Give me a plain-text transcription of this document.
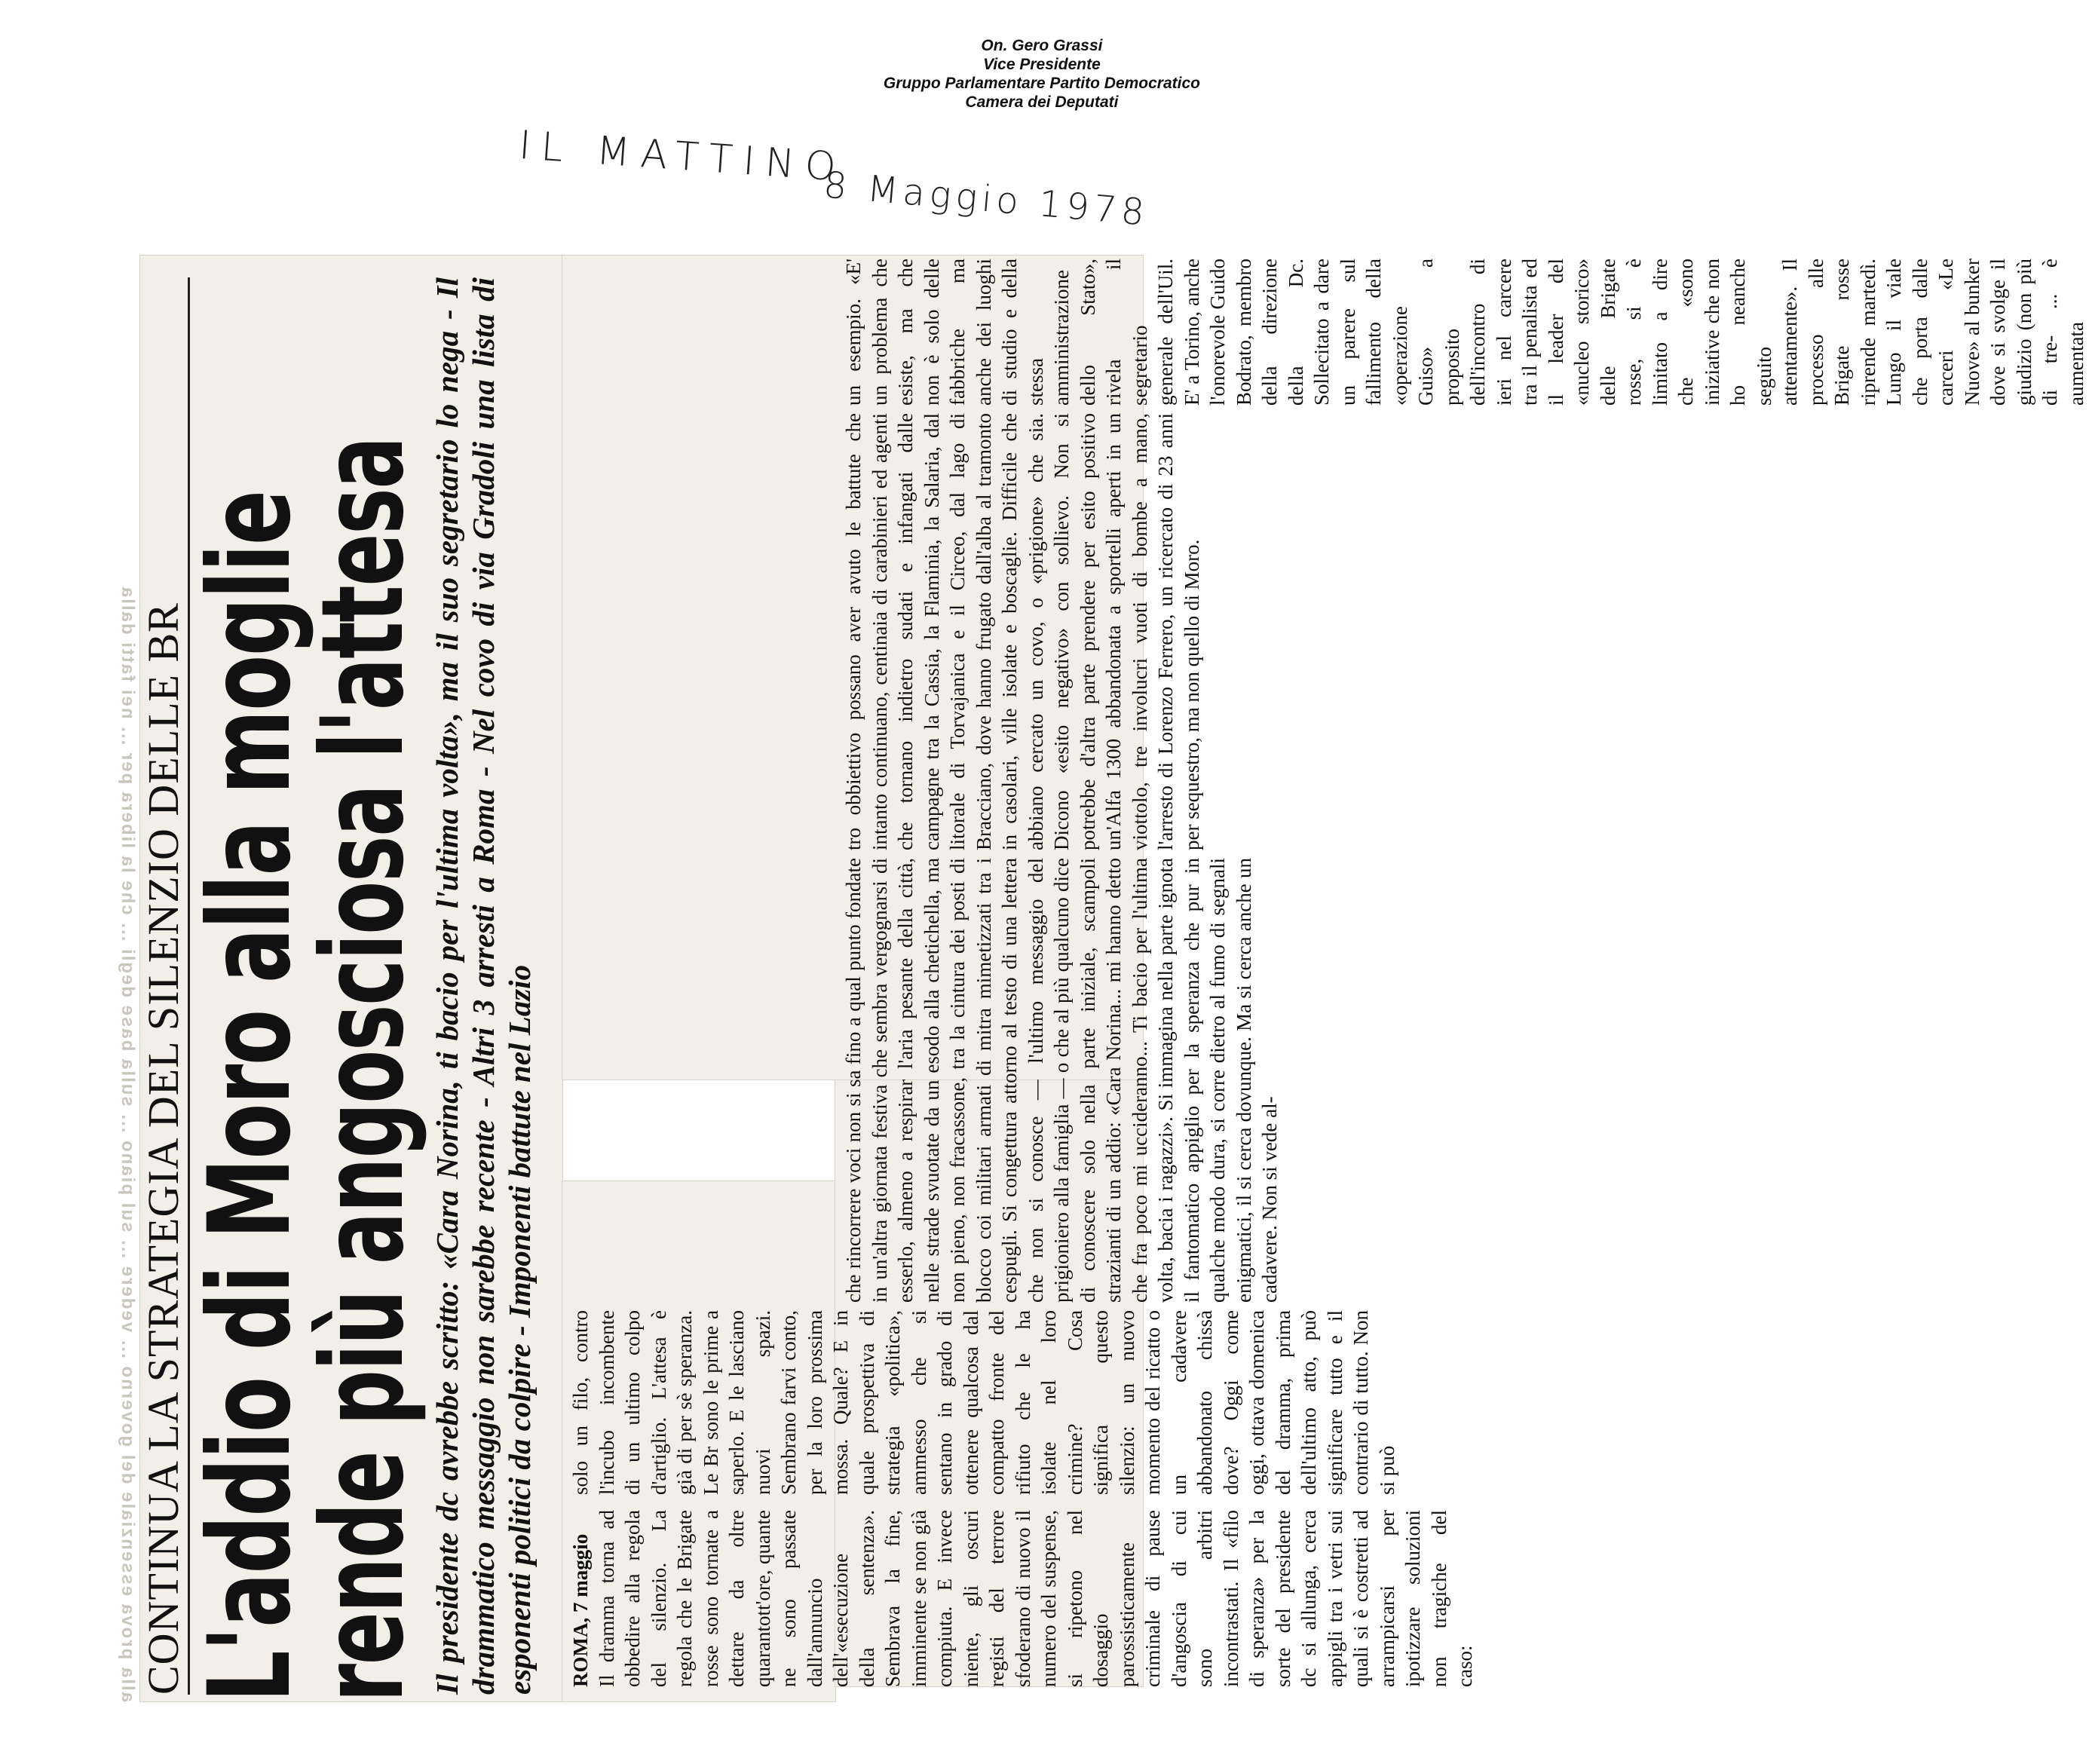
On. Gero Grassi
Vice Presidente
Gruppo Parlamentare Partito Democratico
Camera dei Deputati
IL MATTINO
8 Maggio 1978
alla prova essenziale del governo ... vedere ... sul piano ... sulla base degli ... che la libera per ... nei fatti dalla CONTINUA LA STRATEGIA DEL SILENZIO DELLE BR
L'addio di Moro alla moglie
rende più angosciosa l'attesa Il presidente dc avrebbe scritto: «Cara Norina, ti bacio per l'ultima volta», ma il suo segretario lo nega - Il drammatico messaggio non sarebbe recente - Altri 3 arresti a Roma - Nel covo di via Gradoli una lista di esponenti politici da colpire - Imponenti battute nel Lazio ROMA, 7 maggio Il dramma torna ad obbedire alla regola del silenzio. La regola che le Brigate rosse sono tornate a dettare da oltre quarantott'ore, quante ne sono passate dall'annuncio dell'«esecuzione della sentenza». Sembrava la fine, imminente se non già compiuta. E invece niente, gli oscuri registi del terrore sfoderano di nuovo il numero del suspense, si ripetono nel dosaggio parossisticamente criminale di pause d'angoscia di cui sono arbitri incontrastati. Il «filo di speranza» per la sorte del presidente dc si allunga, cerca appigli tra i vetri sui quali si è costretti ad arrampicarsi per ipotizzare soluzioni non tragiche del caso:

solo un filo, contro l'incubo incombente di un ultimo colpo d'artiglio. L'attesa è già di per sè speranza. Le Br sono le prime a saperlo. E le lasciano nuovi spazi. Sembrano farvi conto, per la loro prossima mossa. Quale? E in quale prospettiva di strategia «politica», ammesso che si sentano in grado di ottenere qualcosa dal compatto fronte del rifiuto che le ha isolate nel loro crimine? Cosa significa questo silenzio: un nuovo momento del ricatto o un cadavere abbandonato chissà dove? Oggi come oggi, ottava domenica del dramma, prima dell'ultimo atto, può significare tutto e il contrario di tutto. Non si può

che rincorrere voci non si sa fino a qual punto fondate in un'altra giornata festiva che sembra vergognarsi di esserlo, almeno a respirar l'aria pesante della città, nelle strade svuotate da un esodo alla chetichella, ma non pieno, non fracassone, tra la cintura dei posti di blocco coi militari armati di mitra mimetizzati tra i cespugli. Si congettura attorno al testo di una lettera che non si conosce — l'ultimo messaggio del prigioniero alla famiglia — o che al più qualcuno dice di conoscere solo nella parte iniziale, scampoli strazianti di un addio: «Cara Norina... mi hanno detto che fra poco mi uccideranno... Ti bacio per l'ultima volta, bacia i ragazzi». Si immagina nella parte ignota il fantomatico appiglio per la speranza che pur in qualche modo dura, si corre dietro al fumo di segnali enigmatici, il si cerca dovunque. Ma si cerca anche un cadavere. Non si vede al-

tro obbiettivo possano aver avuto le battute che intanto continuano, centinaia di carabinieri ed agenti che tornano indietro sudati e infangati dalle campagne tra la Cassia, la Flaminia, la Salaria, dal litorale di Torvajanica e il Circeo, dal lago di Bracciano, dove hanno frugato dall'alba al tramonto in casolari, ville isolate e boscaglie. Difficile che abbiano cercato un covo, o «prigione» che sia. Dicono «esito negativo» con sollievo. Non si potrebbe d'altra parte prendere per esito positivo un'Alfa 1300 abbandonata a sportelli aperti in un viottolo, tre involucri vuoti di bombe a mano, l'arresto di Lorenzo Ferrero, un ricercato di 23 anni per sequestro, ma non quello di Moro.

un esempio. «E' un problema che esiste, ma che non è solo delle fabbriche ma anche dei luoghi di studio e della stessa amministrazione dello Stato», rivela il segretario generale dell'Uil. E' a Torino, anche l'onorevole Guido Bodrato, membro della direzione della Dc. Sollecitato a dare un parere sul fallimento della «operazione Guiso» a proposito dell'incontro di ieri nel carcere tra il penalista ed il leader del «nucleo storico» delle Brigate rosse, si è limitato a dire che «sono iniziative che non ho neanche seguito attentamente». Il processo alle Brigate rosse riprende martedì. Lungo il viale che porta dalle carceri «Le Nuove» al bunker dove si svolge il giudizio (non più di tre- ... è aumentata
